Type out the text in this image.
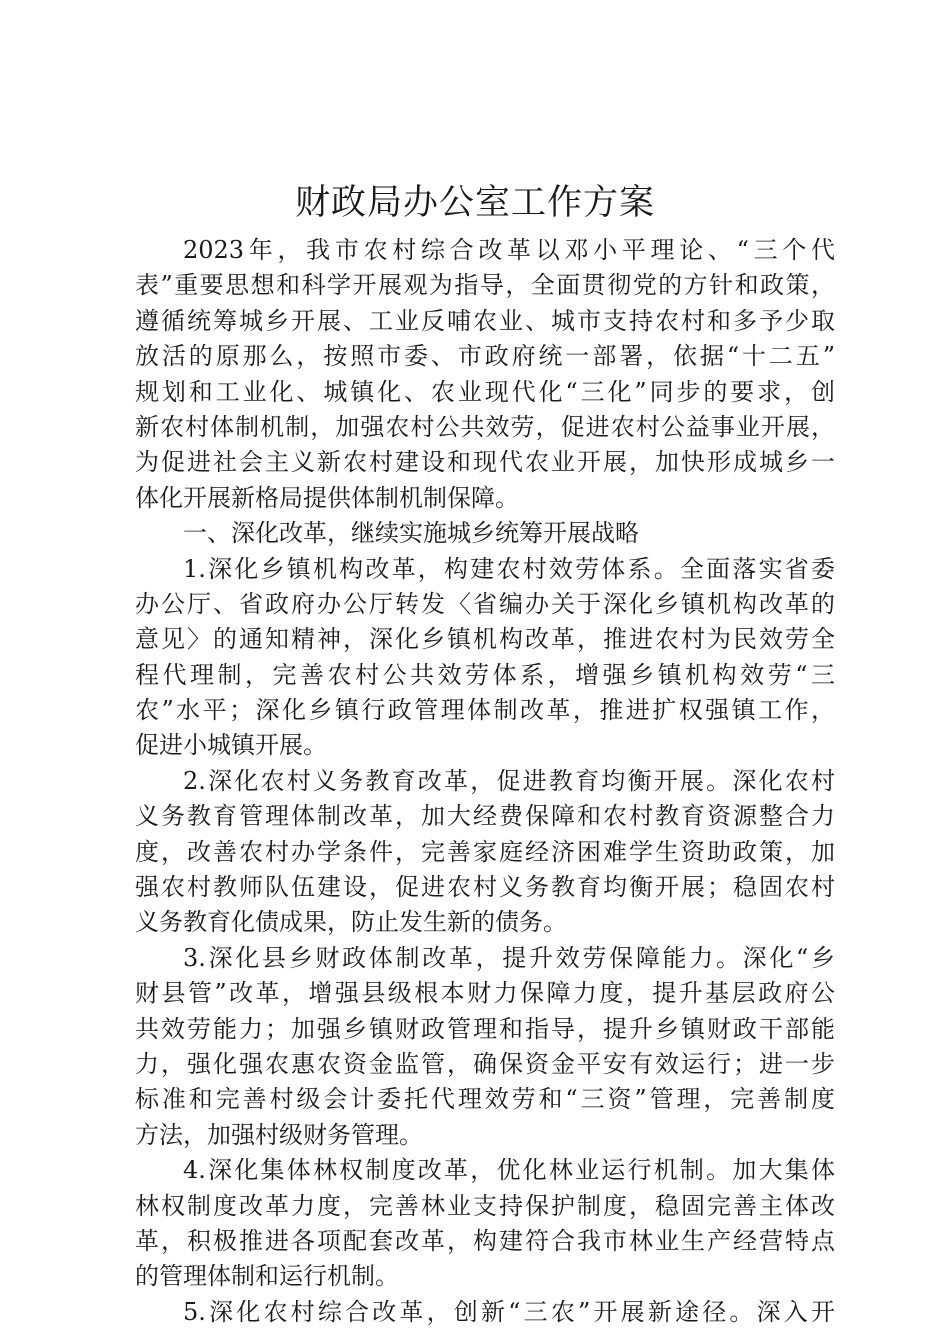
财政局办公室工作方案
2023年，我市农村综合改革以邓小平理论、“三个代
表”重要思想和科学开展观为指导，全面贯彻党的方针和政策，
遵循统筹城乡开展、工业反哺农业、城市支持农村和多予少取
放活的原那么，按照市委、市政府统一部署，依据“十二五”
规划和工业化、城镇化、农业现代化“三化”同步的要求，创
新农村体制机制，加强农村公共效劳，促进农村公益事业开展，
为促进社会主义新农村建设和现代农业开展，加快形成城乡一
体化开展新格局提供体制机制保障。
一、深化改革，继续实施城乡统筹开展战略
1.深化乡镇机构改革，构建农村效劳体系。全面落实省委
办公厅、省政府办公厅转发〈省编办关于深化乡镇机构改革的
意见〉的通知精神，深化乡镇机构改革，推进农村为民效劳全
程代理制，完善农村公共效劳体系，增强乡镇机构效劳“三
农”水平；深化乡镇行政管理体制改革，推进扩权强镇工作，
促进小城镇开展。
2.深化农村义务教育改革，促进教育均衡开展。深化农村
义务教育管理体制改革，加大经费保障和农村教育资源整合力
度，改善农村办学条件，完善家庭经济困难学生资助政策，加
强农村教师队伍建设，促进农村义务教育均衡开展；稳固农村
义务教育化债成果，防止发生新的债务。
3.深化县乡财政体制改革，提升效劳保障能力。深化“乡
财县管”改革，增强县级根本财力保障力度，提升基层政府公
共效劳能力；加强乡镇财政管理和指导，提升乡镇财政干部能
力，强化强农惠农资金监管，确保资金平安有效运行；进一步
标准和完善村级会计委托代理效劳和“三资”管理，完善制度
方法，加强村级财务管理。
4.深化集体林权制度改革，优化林业运行机制。加大集体
林权制度改革力度，完善林业支持保护制度，稳固完善主体改
革，积极推进各项配套改革，构建符合我市林业生产经营特点
的管理体制和运行机制。
5.深化农村综合改革，创新“三农”开展新途径。深入开
